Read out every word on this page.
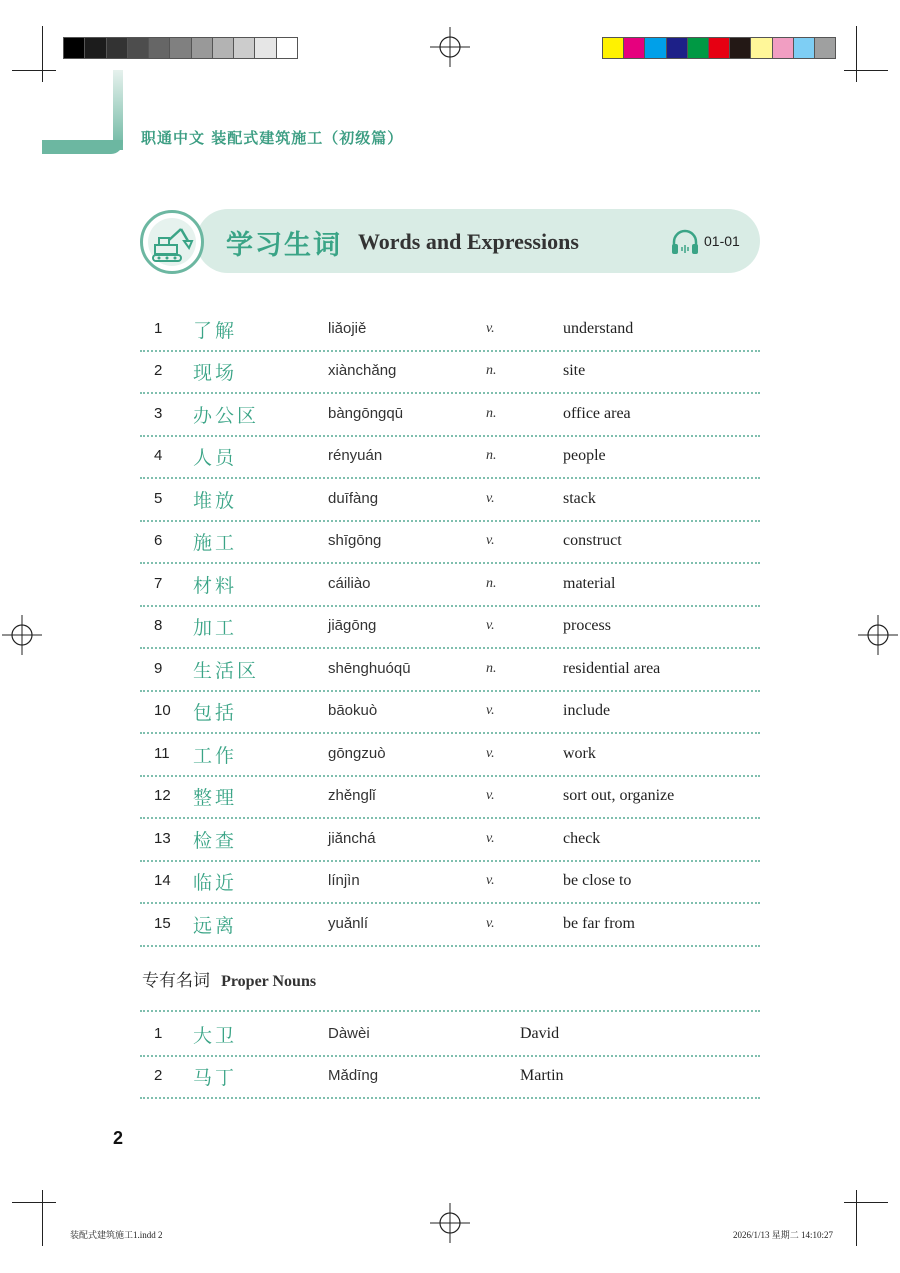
职通中文 装配式建筑施工（初级篇）
学习生词 Words and Expressions	01-01
1 了解	liǎojiě	v.	understand
2 现场	xiànchǎng	n.	site
3 办公区	bàngōngqū	n.	office area
4 人员	rényuán	n.	people
5 堆放	duīfàng	v.	stack
6 施工	shīgōng	v.	construct
7 材料	cáiliào	n.	material
8 加工	jiāgōng	v.	process
9 生活区	shēnghuóqū	n.	residential area
10 包括	bāokuò	v.	include
11 工作	gōngzuò	v.	work
12 整理	zhěnglǐ	v.	sort out, organize
13 检查	jiǎnchá	v.	check
14 临近	línjìn	v.	be close to
15 远离	yuǎnlí	v.	be far from
专有名词 Proper Nouns
1 大卫	Dàwèi	David
2 马丁	Mǎdīng	Martin
2
装配式建筑施工1.indd 2	2026/1/13 星期二 14:10:27
